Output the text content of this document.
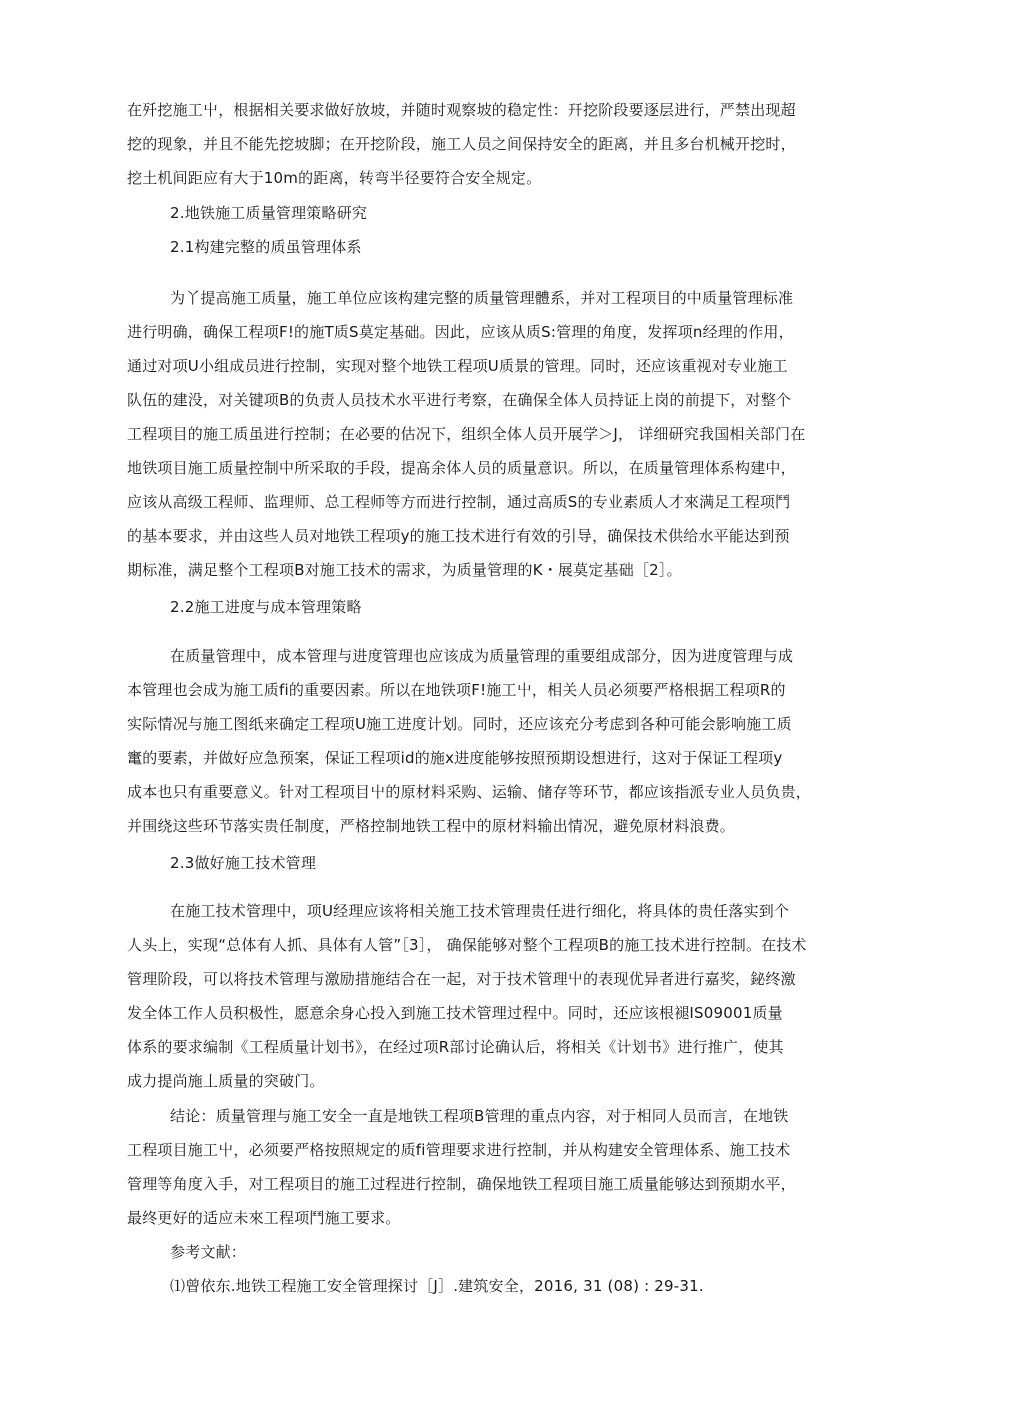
在歼挖施工屮，根据相关要求做好放坡，并随时观察坡的稳定性：幵挖阶段要逐层进行，严禁出现超
挖的现象，并且不能先挖坡脚；在开挖阶段，施工人员之间保持安全的距离，并且多台机械开挖时，
挖土机间距应有大于10m的距离，转弯半径要符合安全规定。
2.地铁施工质量管理策略研究
2.1构建完整的质虽管理体系
为丫提高施工质量，施工单位应该构建完整的质量管理體系，并对工程项目的中质量管理标准
进行明确，确保工程项F!的施T质S莫定基础。因此，应该从质S:管理的角度，发挥项n经理的作用，
通过对项U小组成员进行控制，实现对整个地铁工程项U质景的管理。同时，还应该重视对专业施工
队伍的建没，对关键项B的负责人员技术水平进行考察，在确保全体人员持证上岗的前提下，对整个
工程项目的施工质虽进行控制；在必要的估况下，组织全体人员开展学＞J， 详细研究我国相关部门在
地铁项目施工质量控制中所采取的手段，提髙余体人员的质量意识。所以，在质量管理体系构建中，
应该从高级工程师、监理师、总工程师等方而进行控制，通过高质S的专业素质人才來满足工程项鬥
的基本要求，并由这些人员对地铁工程项y的施工技术进行有效的引导，确保技术供给水平能达到预
期标准，满足整个工程项B对施工技术的需求，为质量管理的K・展莫定基础［2］。
2.2施工进度与成本管理策略
在质量管理中，成本管理与进度管理也应该成为质量管理的重要组成部分，因为进度管理与成
本管理也会成为施工质fi的重要因素。所以在地铁项F!施工屮，相关人员必须要严格根据工程项R的
实际情况与施工图纸来确定工程项U施工进度计划。同时，还应该充分考虑到各种可能会影响施工质
竃的要素，并做好应急预案，保证工程项id的施x进度能够按照预期设想进行，这对于保证工程项y
成本也只有重要意义。针对工程项目屮的原材料采购、运输、储存等环节，都应该指派专业人员负贵，
并围绕这些环节落实贵任制度，严格控制地铁工程中的原材料输出情况，避免原材料浪费。
2.3做好施工技术管理
在施工技术管理中，项U经理应该将相关施工技术管理贵任进行细化，将具体的贵任落实到个
人头上，实现“总体有人抓、具体有人管”［3］， 确保能够对整个工程项B的施工技术进行控制。在技术
管理阶段，可以将技术管理与激励措施结合在一起，对于技术管理屮的表现优异者进行嘉奖，鉍终激
发全体工作人员积极性，愿意余身心投入到施工技术管理过程中。同时，还应该根褪IS09001质量
体系的要求编制《工程质量计划书》，在经过项R部讨论确认后，将相关《计划书》进行推广，使其
成力提尚施丄质量的突破门。
结论：质量管理与施工安全一直是地铁工程项B管理的重点内容，对于相同人员而言，在地铁
工程项目施工屮，必须要严格按照规定的质fi管理要求进行控制，并从构建安全管理体系、施工技术
管理等角度入手，对工程项目的施工过程进行控制，确保地铁工程项目施工质量能够达到预期水平，
最终更好的适应未來工程项鬥施工要求。
参考文献：
⑴曾依东.地铁工程施工安全管理探讨［J］.建筑安全，2016, 31 (08) : 29-31.
